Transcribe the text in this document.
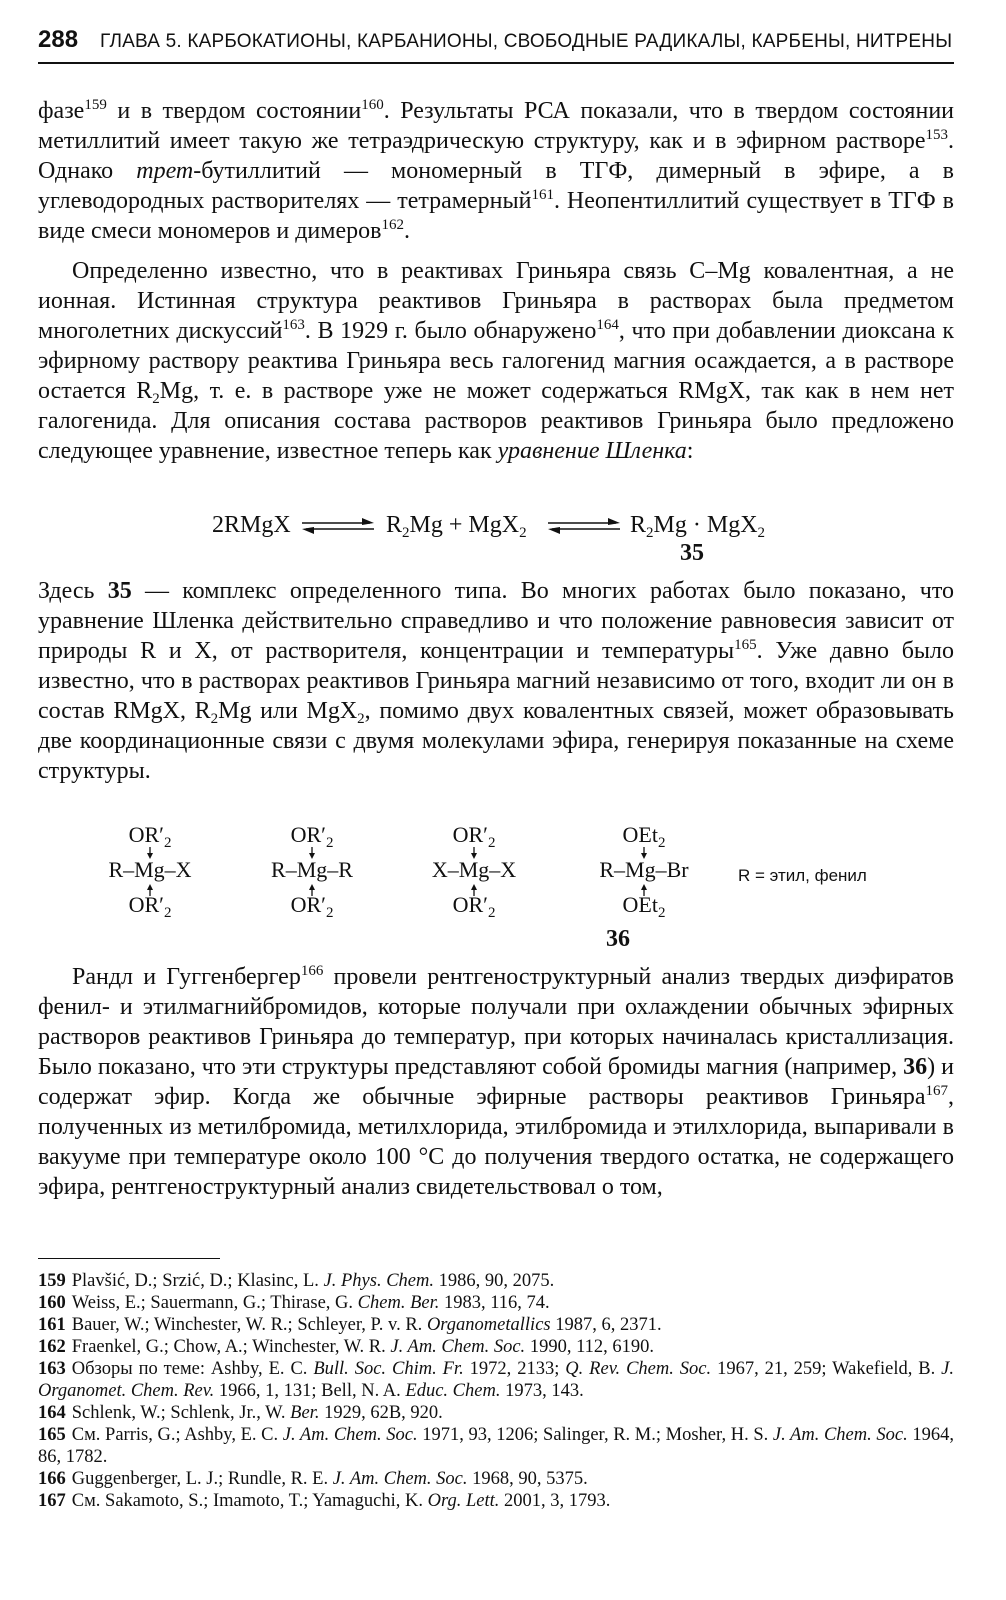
288 ГЛАВА 5. КАРБОКАТИОНЫ, КАРБАНИОНЫ, СВОБОДНЫЕ РАДИКАЛЫ, КАРБЕНЫ, НИТРЕНЫ

фазе$^{159}$ и в твердом состоянии$^{160}$. Результаты РСА показали, что в твердом состоянии метиллитий имеет такую же тетраэдрическую структуру, как и в эфирном растворе$^{153}$. Однако трет-бутиллитий — мономерный в ТГФ, димерный в эфире, а в углеводородных растворителях — тетрамерный$^{161}$. Неопентиллитий существует в ТГФ в виде смеси мономеров и димеров$^{162}$.

Определенно известно, что в реактивах Гриньяра связь C–Mg ковалентная, а не ионная. Истинная структура реактивов Гриньяра в растворах была предметом многолетних дискуссий$^{163}$. В 1929 г. было обнаружено$^{164}$, что при добавлении диоксана к эфирному раствору реактива Гриньяра весь галогенид магния осаждается, а в растворе остается $R_2Mg$, т. е. в растворе уже не может содержаться RMgX, так как в нем нет галогенида. Для описания состава растворов реактивов Гриньяра было предложено следующее уравнение, известное теперь как уравнение Шленка:

2RMgX ⇌ $R_2Mg + MgX_2$ ⇌ $R_2Mg \cdot MgX_2$
35

Здесь 35 — комплекс определенного типа. Во многих работах было показано, что уравнение Шленка действительно справедливо и что положение равновесия зависит от природы R и X, от растворителя, концентрации и температуры$^{165}$. Уже давно было известно, что в растворах реактивов Гриньяра магний независимо от того, входит ли он в состав RMgX, $R_2Mg$ или MgX$_2$, помимо двух ковалентных связей, может образовывать две координационные связи с двумя молекулами эфира, генерируя показанные на схеме структуры.

$OR'_2$
R–Mg–X
$OR'_2$
$OR'_2$
R–Mg–R
$OR'_2$
$OR'_2$
X–Mg–X
$OR'_2$
OEt$_2$
R–Mg–Br
OEt$_2$
36
R = этил, фенил

Рандл и Гуггенбергер$^{166}$ провели рентгеноструктурный анализ твердых диэфиратов фенил- и этилмагнийбромидов, которые получали при охлаждении обычных эфирных растворов реактивов Гриньяра до температур, при которых начиналась кристаллизация. Было показано, что эти структуры представляют собой бромиды магния (например, 36) и содержат эфир. Когда же обычные эфирные растворы реактивов Гриньяра$^{167}$, полученных из метилбромида, метилхлорида, этилбромида и этилхлорида, выпаривали в вакууме при температуре около 100 °С до получения твердого остатка, не содержащего эфира, рентгеноструктурный анализ свидетельствовал о том,

159 Plavšić, D.; Srzić, D.; Klasinc, L. J. Phys. Chem. 1986, 90, 2075.

160 Weiss, E.; Sauermann, G.; Thirase, G. Chem. Ber. 1983, 116, 74.

161 Bauer, W.; Winchester, W. R.; Schleyer, P. v. R. Organometallics 1987, 6, 2371.

162 Fraenkel, G.; Chow, A.; Winchester, W. R. J. Am. Chem. Soc. 1990, 112, 6190.

163 Обзоры по теме: Ashby, E. C. Bull. Soc. Chim. Fr. 1972, 2133; Q. Rev. Chem. Soc. 1967, 21, 259; Wakefield, B. J. Organomet. Chem. Rev. 1966, 1, 131; Bell, N. A. Educ. Chem. 1973, 143.

164 Schlenk, W.; Schlenk, Jr., W. Ber. 1929, 62B, 920.

165 См. Parris, G.; Ashby, E. C. J. Am. Chem. Soc. 1971, 93, 1206; Salinger, R. M.; Mosher, H. S. J. Am. Chem. Soc. 1964, 86, 1782.

166 Guggenberger, L. J.; Rundle, R. E. J. Am. Chem. Soc. 1968, 90, 5375.

167 См. Sakamoto, S.; Imamoto, T.; Yamaguchi, K. Org. Lett. 2001, 3, 1793.
